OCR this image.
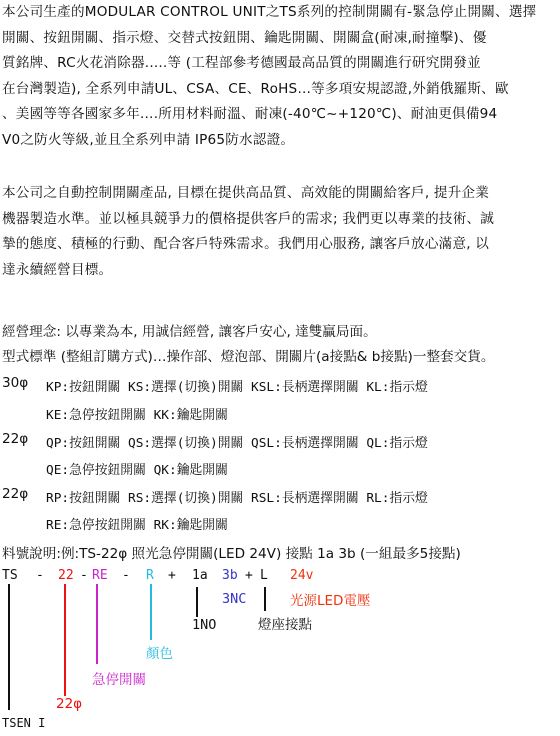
本公司生產的MODULAR CONTROL UNIT之TS系列的控制開關有-緊急停止開關、選擇
開關、按鈕開關、指示燈、交替式按鈕開、鑰匙開關、開關盒(耐凍,耐撞擊)、優
質銘牌、RC火花消除器.....等 (工程部參考德國最高品質的開關進行研究開發並
在台灣製造), 全系列申請UL、CSA、CE、RoHS…等多項安規認證,外銷俄羅斯、歐
、美國等等各國家多年….所用材料耐溫、耐凍(-40℃~+120℃)、耐油更俱備94
V0之防火等級,並且全系列申請 IP65防水認證。
本公司之自動控制開關產品, 目標在提供高品質、高效能的開關給客戶, 提升企業
機器製造水準。並以極具競爭力的價格提供客戶的需求; 我們更以專業的技術、誠
摯的態度、積極的行動、配合客戶特殊需求。我們用心服務, 讓客戶放心滿意, 以
達永續經營目標。
經營理念: 以專業為本, 用誠信經營, 讓客戶安心, 達雙贏局面。
型式標準 (整組訂購方式)…操作部、燈泡部、開關片(a接點& b接點)一整套交貨。
30φ KP:按鈕開關 KS:選擇(切換)開關 KSL:長柄選擇開關 KL:指示燈
KE:急停按鈕開關 KK:鑰匙開關
22φ QP:按鈕開關 QS:選擇(切換)開關 QSL:長柄選擇開關 QL:指示燈
QE:急停按鈕開關 QK:鑰匙開關
22φ RP:按鈕開關 RS:選擇(切換)開關 RSL:長柄選擇開關 RL:指示燈
RE:急停按鈕開關 RK:鑰匙開關
料號說明:例:TS-22φ 照光急停開關(LED 24V) 接點 1a 3b (一組最多5接點)
TS - 22 - RE - R + 1a 3b + L 24v
3NC	光源LED電壓
1NO	燈座接點
顏色
急停開關
22φ
TSEN I
